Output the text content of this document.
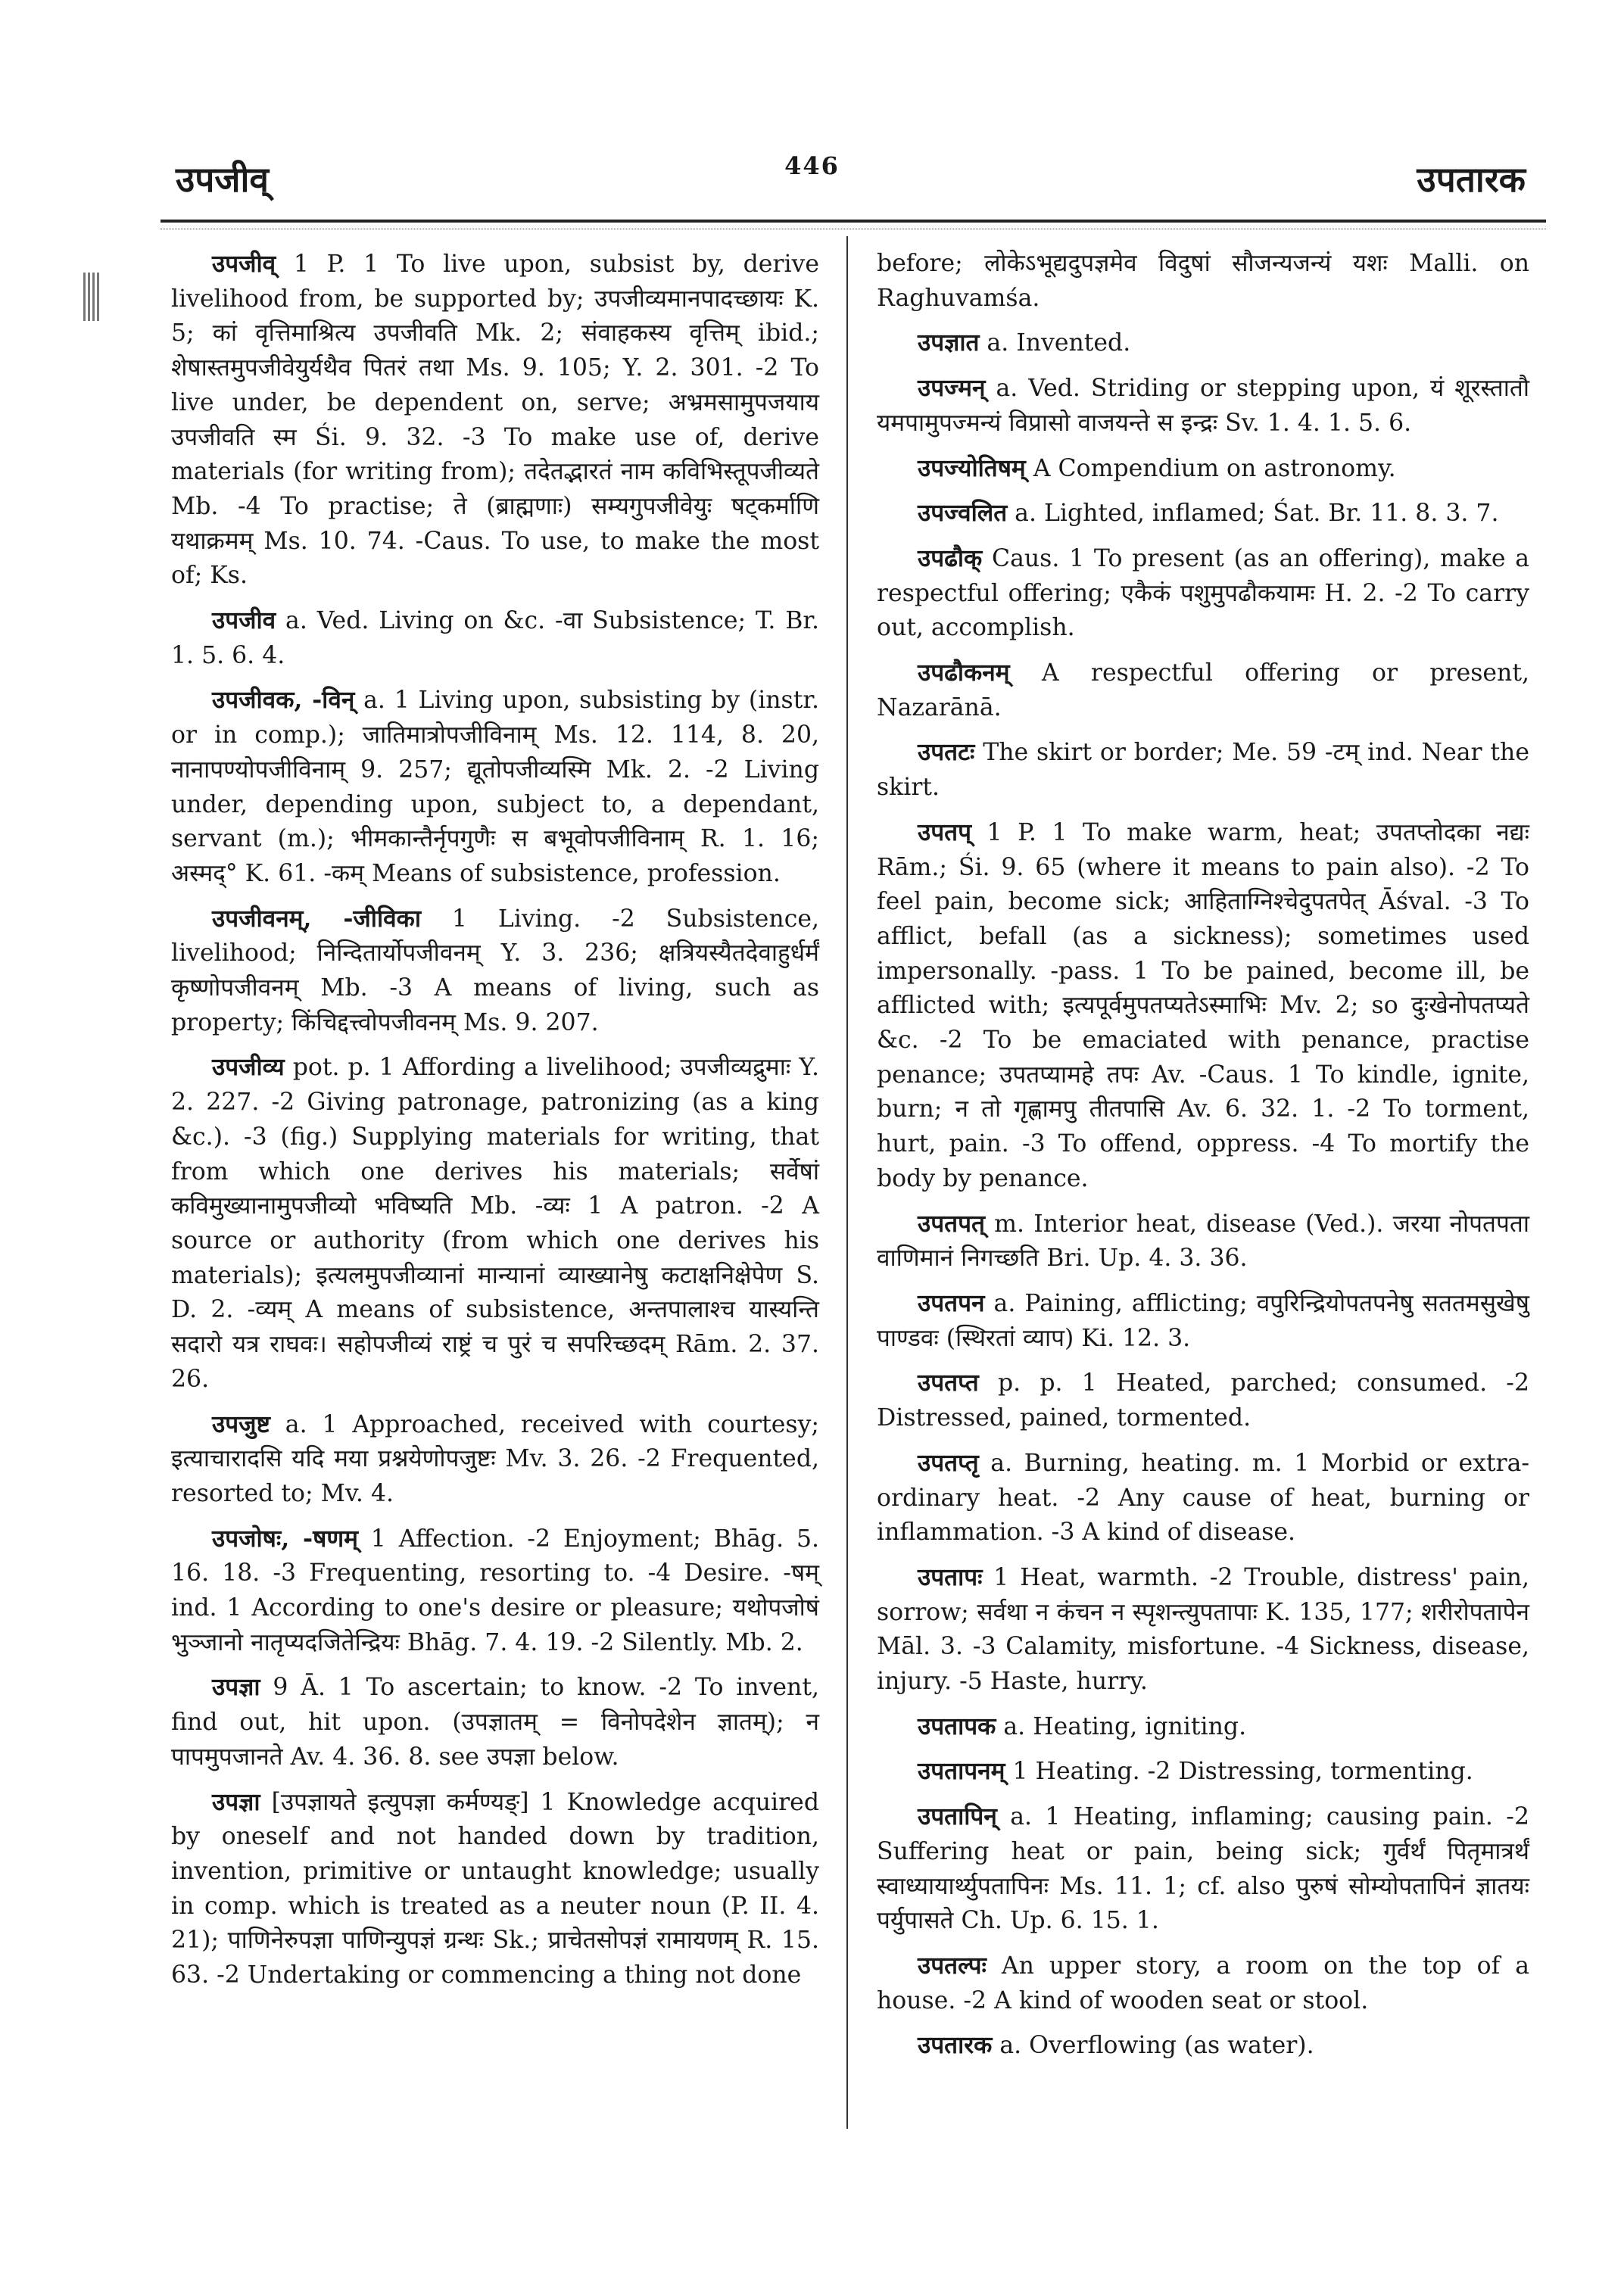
उपजीव्	446	उपतारक

उपजीव् 1 P. 1 To live upon, subsist by, derive livelihood from, be supported by; उपजीव्यमानपादच्छायः K. 5; कां वृत्तिमाश्रित्य उपजीवति Mk. 2; संवाहकस्य वृत्तिम् ibid.; शेषास्तमुपजीवेयुर्यथैव पितरं तथा Ms. 9. 105; Y. 2. 301. -2 To live under, be dependent on, serve; अभ्रमसामुपजयाय उपजीवति स्म Śi. 9. 32. -3 To make use of, derive materials (for writing from); तदेतद्भारतं नाम कविभिस्तूपजीव्यते Mb. -4 To practise; ते (ब्राह्मणाः) सम्यगुपजीवेयुः षट्कर्माणि यथाक्रमम् Ms. 10. 74. -Caus. To use, to make the most of; Ks.

उपजीव a. Ved. Living on &c. -वा Subsistence; T. Br. 1. 5. 6. 4.

उपजीवक, -विन् a. 1 Living upon, subsisting by (instr. or in comp.); जातिमात्रोपजीविनाम् Ms. 12. 114, 8. 20, नानापण्योपजीविनाम् 9. 257; द्यूतोपजीव्यस्मि Mk. 2. -2 Living under, depending upon, subject to, a dependant, servant (m.); भीमकान्तैर्नृपगुणैः स बभूवोपजीविनाम् R. 1. 16; अस्मद्° K. 61. -कम् Means of subsistence, profession.

उपजीवनम्, -जीविका 1 Living. -2 Subsistence, livelihood; निन्दितार्योपजीवनम् Y. 3. 236; क्षत्रियस्यैतदेवाहुर्धर्मं कृष्णोपजीवनम् Mb. -3 A means of living, such as property; किंचिद्दत्त्वोपजीवनम् Ms. 9. 207.

उपजीव्य pot. p. 1 Affording a livelihood; उपजीव्यद्रुमाः Y. 2. 227. -2 Giving patronage, patronizing (as a king &c.). -3 (fig.) Supplying materials for writing, that from which one derives his materials; सर्वेषां कविमुख्यानामुपजीव्यो भविष्यति Mb. -व्यः 1 A patron. -2 A source or authority (from which one derives his materials); इत्यलमुपजीव्यानां मान्यानां व्याख्यानेषु कटाक्षनिक्षेपेण S. D. 2. -व्यम् A means of subsistence, अन्तपालाश्च यास्यन्ति सदारो यत्र राघवः। सहोपजीव्यं राष्ट्रं च पुरं च सपरिच्छदम् Rām. 2. 37. 26.

उपजुष्ट a. 1 Approached, received with courtesy; इत्याचारादसि यदि मया प्रश्नयेणोपजुष्टः Mv. 3. 26. -2 Frequented, resorted to; Mv. 4.

उपजोषः, -षणम् 1 Affection. -2 Enjoyment; Bhāg. 5. 16. 18. -3 Frequenting, resorting to. -4 Desire. -षम् ind. 1 According to one's desire or pleasure; यथोपजोषं भुञ्जानो नातृप्यदजितेन्द्रियः Bhāg. 7. 4. 19. -2 Silently. Mb. 2.

उपज्ञा 9 Ā. 1 To ascertain; to know. -2 To invent, find out, hit upon. (उपज्ञातम् = विनोपदेशेन ज्ञातम्); न पापमुपजानते Av. 4. 36. 8. see उपज्ञा below.

उपज्ञा [उपज्ञायते इत्युपज्ञा कर्मण्यङ्] 1 Knowledge acquired by oneself and not handed down by tradition, invention, primitive or untaught knowledge; usually in comp. which is treated as a neuter noun (P. II. 4. 21); पाणिनेरुपज्ञा पाणिन्युपज्ञं ग्रन्थः Sk.; प्राचेतसोपज्ञं रामायणम् R. 15. 63. -2 Undertaking or commencing a thing not done

before; लोकेऽभूद्यदुपज्ञमेव विदुषां सौजन्यजन्यं यशः Malli. on Raghuvamśa.

उपज्ञात a. Invented.

उपज्मन् a. Ved. Striding or stepping upon, यं शूरस्तातौ यमपामुपज्मन्यं विप्रासो वाजयन्ते स इन्द्रः Sv. 1. 4. 1. 5. 6.

उपज्योतिषम् A Compendium on astronomy.

उपज्वलित a. Lighted, inflamed; Śat. Br. 11. 8. 3. 7.

उपढौक् Caus. 1 To present (as an offering), make a respectful offering; एकैकं पशुमुपढौकयामः H. 2. -2 To carry out, accomplish.

उपढौकनम् A respectful offering or present, Nazarānā.

उपतटः The skirt or border; Me. 59 -टम् ind. Near the skirt.

उपतप् 1 P. 1 To make warm, heat; उपतप्तोदका नद्यः Rām.; Śi. 9. 65 (where it means to pain also). -2 To feel pain, become sick; आहिताग्निश्चेदुपतपेत् Āśval. -3 To afflict, befall (as a sickness); sometimes used impersonally. -pass. 1 To be pained, become ill, be afflicted with; इत्यपूर्वमुपतप्यतेऽस्माभिः Mv. 2; so दुःखेनोपतप्यते &c. -2 To be emaciated with penance, practise penance; उपतप्यामहे तपः Av. -Caus. 1 To kindle, ignite, burn; न तो गृह्णामपु तीतपासि Av. 6. 32. 1. -2 To torment, hurt, pain. -3 To offend, oppress. -4 To mortify the body by penance.

उपतपत् m. Interior heat, disease (Ved.). जरया नोपतपता वाणिमानं निगच्छति Bri. Up. 4. 3. 36.

उपतपन a. Paining, afflicting; वपुरिन्द्रियोपतपनेषु सततमसुखेषु पाण्डवः (स्थिरतां व्याप) Ki. 12. 3.

उपतप्त p. p. 1 Heated, parched; consumed. -2 Distressed, pained, tormented.

उपतप्तृ a. Burning, heating. m. 1 Morbid or extra-ordinary heat. -2 Any cause of heat, burning or inflammation. -3 A kind of disease.

उपतापः 1 Heat, warmth. -2 Trouble, distress' pain, sorrow; सर्वथा न कंचन न स्पृशन्त्युपतापाः K. 135, 177; शरीरोपतापेन Māl. 3. -3 Calamity, misfortune. -4 Sickness, disease, injury. -5 Haste, hurry.

उपतापक a. Heating, igniting.

उपतापनम् 1 Heating. -2 Distressing, tormenting.

उपतापिन् a. 1 Heating, inflaming; causing pain. -2 Suffering heat or pain, being sick; गुर्वर्थं पितृमात्रर्थं स्वाध्यायार्थ्युपतापिनः Ms. 11. 1; cf. also पुरुषं सोम्योपतापिनं ज्ञातयः पर्युपासते Ch. Up. 6. 15. 1.

उपतल्पः An upper story, a room on the top of a house. -2 A kind of wooden seat or stool.

उपतारक a. Overflowing (as water).
